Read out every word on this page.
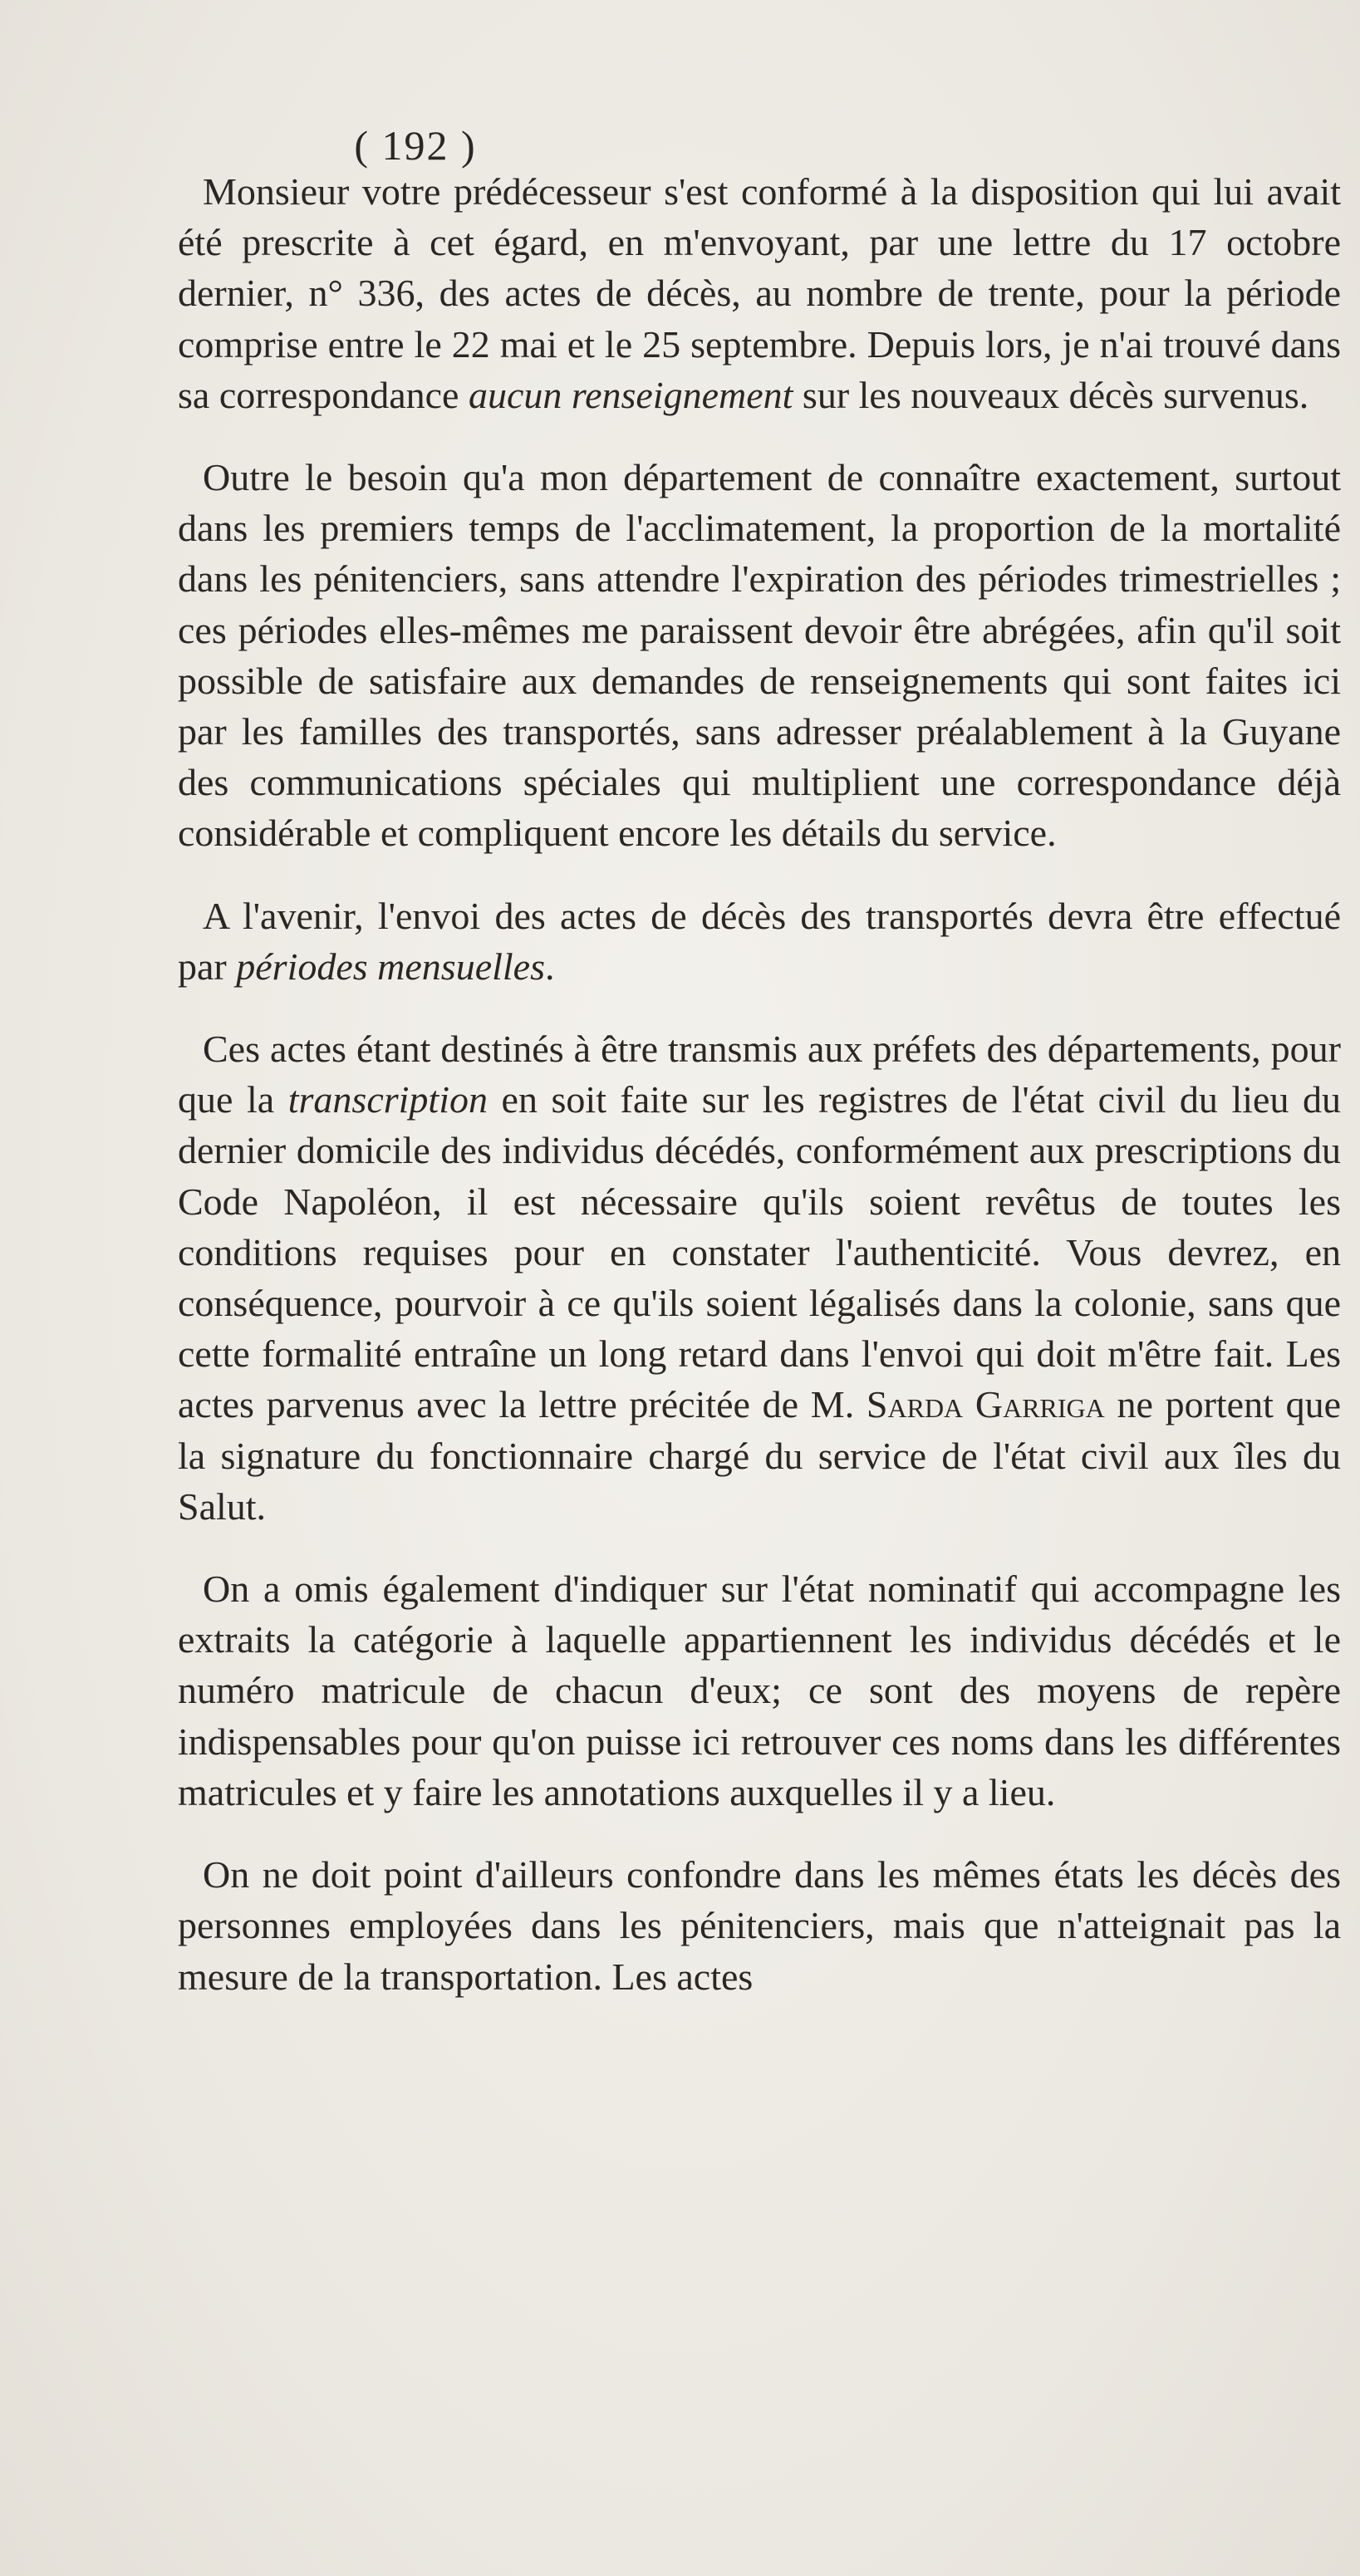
( 192 )

Monsieur votre prédécesseur s'est conformé à la disposition qui lui avait été prescrite à cet égard, en m'envoyant, par une lettre du 17 octobre dernier, n° 336, des actes de décès, au nombre de trente, pour la période comprise entre le 22 mai et le 25 septembre. Depuis lors, je n'ai trouvé dans sa correspondance aucun renseignement sur les nouveaux décès survenus.

Outre le besoin qu'a mon département de connaître exactement, surtout dans les premiers temps de l'acclimatement, la proportion de la mortalité dans les pénitenciers, sans attendre l'expiration des périodes trimestrielles ; ces périodes elles-mêmes me paraissent devoir être abrégées, afin qu'il soit possible de satisfaire aux demandes de renseignements qui sont faites ici par les familles des transportés, sans adresser préalablement à la Guyane des communications spéciales qui multiplient une correspondance déjà considérable et compliquent encore les détails du service.

A l'avenir, l'envoi des actes de décès des transportés devra être effectué par périodes mensuelles.

Ces actes étant destinés à être transmis aux préfets des départements, pour que la transcription en soit faite sur les registres de l'état civil du lieu du dernier domicile des individus décédés, conformément aux prescriptions du Code Napoléon, il est nécessaire qu'ils soient revêtus de toutes les conditions requises pour en constater l'authenticité. Vous devrez, en conséquence, pourvoir à ce qu'ils soient légalisés dans la colonie, sans que cette formalité entraîne un long retard dans l'envoi qui doit m'être fait. Les actes parvenus avec la lettre précitée de M. Sarda Garriga ne portent que la signature du fonctionnaire chargé du service de l'état civil aux îles du Salut.

On a omis également d'indiquer sur l'état nominatif qui accompagne les extraits la catégorie à laquelle appartiennent les individus décédés et le numéro matricule de chacun d'eux; ce sont des moyens de repère indispensables pour qu'on puisse ici retrouver ces noms dans les différentes matricules et y faire les annotations auxquelles il y a lieu.

On ne doit point d'ailleurs confondre dans les mêmes états les décès des personnes employées dans les pénitenciers, mais que n'atteignait pas la mesure de la transportation. Les actes
